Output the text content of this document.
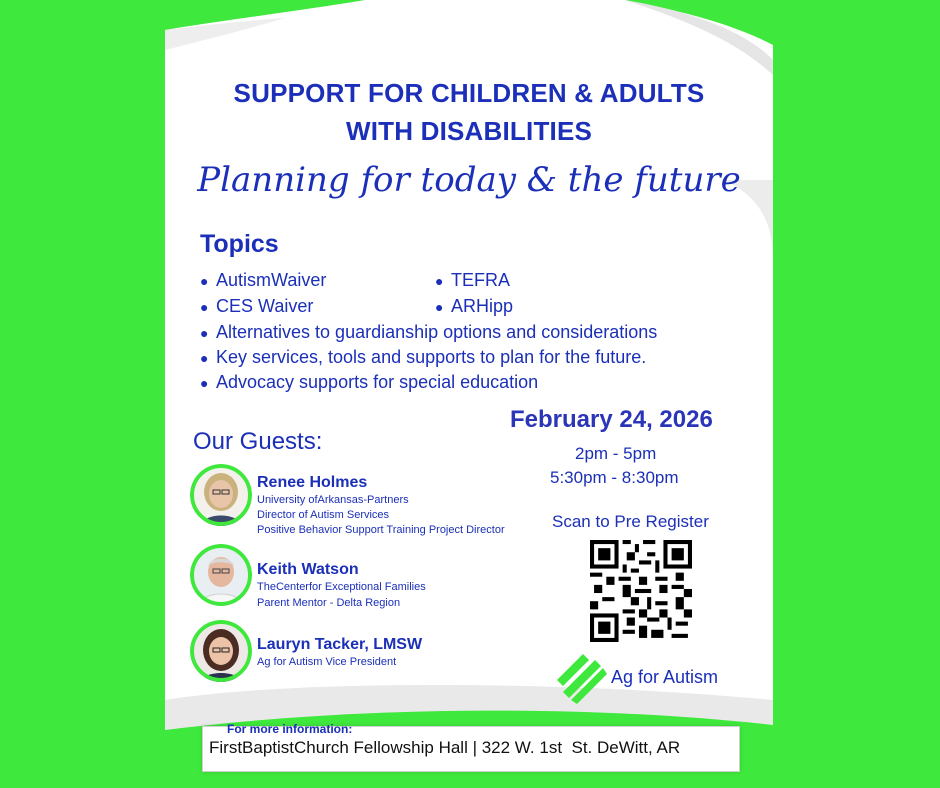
SUPPORT FOR CHILDREN & ADULTS
WITH DISABILITIES
Planning for today & the future
Topics
● AutismWaiver	● TEFRA
● CES Waiver	● ARHipp
● Alternatives to guardianship options and considerations
● Key services, tools and supports to plan for the future.
● Advocacy supports for special education
Our Guests:
February 24, 2026
2pm - 5pm
5:30pm - 8:30pm
Scan to Pre Register
Renee Holmes
University ofArkansas-Partners
Director of Autism Services
Positive Behavior Support Training Project Director
Keith Watson
TheCenterfor Exceptional Families
Parent Mentor - Delta Region
Lauryn Tacker, LMSW
Ag for Autism Vice President
Ag for Autism
For more information:
FirstBaptistChurch Fellowship Hall | 322 W. 1st St. DeWitt, AR
